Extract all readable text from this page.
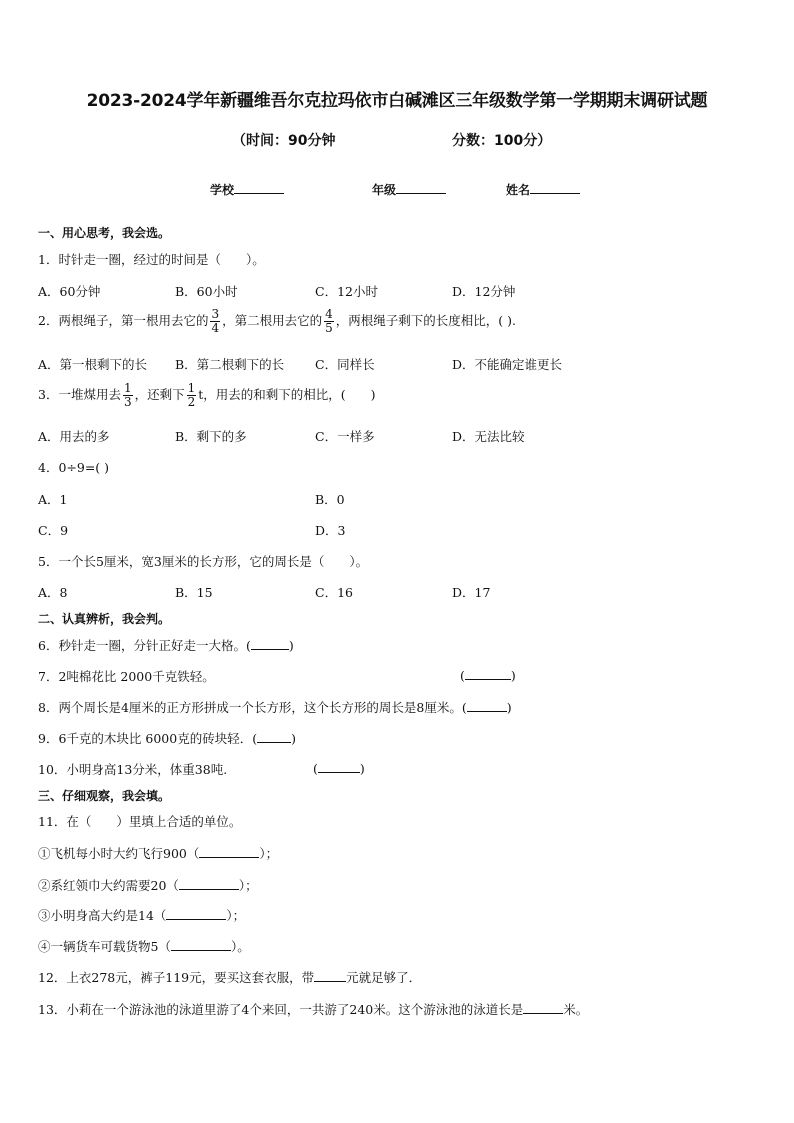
2023-2024学年新疆维吾尔克拉玛依市白碱滩区三年级数学第一学期期末调研试题
（时间：90分钟	分数：100分）
学校	年级	姓名
一、用心思考，我会选。
1．时针走一圈，经过的时间是（　　）。
A．60分钟	B．60小时	C．12小时	D．12分钟
2．两根绳子，第一根用去它的 $\frac{3}{4}$ ，第二根用去它的 $\frac{4}{5}$ ，两根绳子剩下的长度相比，( ).
A．第一根剩下的长 B．第二根剩下的长 C．同样长	D．不能确定谁更长
3．一堆煤用去 $\frac{1}{3}$ ，还剩下 $\frac{1}{2}$ t，用去的和剩下的相比，(　　)
A．用去的多	B．剩下的多	C．一样多	D．无法比较
4．0÷9=( )
A．1	B．0
C．9	D．3
5．一个长5厘米，宽3厘米的长方形，它的周长是（　　）。
A．8	B．15	C．16	D．17
二、认真辨析，我会判。
6．秒针走一圈，分针正好走一大格。(	)
7．2吨棉花比 2000千克铁轻。	(	)
8．两个周长是4厘米的正方形拼成一个长方形，这个长方形的周长是8厘米。(	)
9．6千克的木块比 6000克的砖块轻．(	)
10．小明身高13分米，体重38吨.	(	)
三、仔细观察，我会填。
11．在（　　）里填上合适的单位。
①飞机每小时大约飞行900（	）；
②系红领巾大约需要20（	）；
③小明身高大约是14（	）；
④一辆货车可载货物5（	）。
12．上衣278元，裤子119元，要买这套衣服，带	元就足够了．
13．小莉在一个游泳池的泳道里游了4个来回，一共游了240米。这个游泳池的泳道长是	米。
